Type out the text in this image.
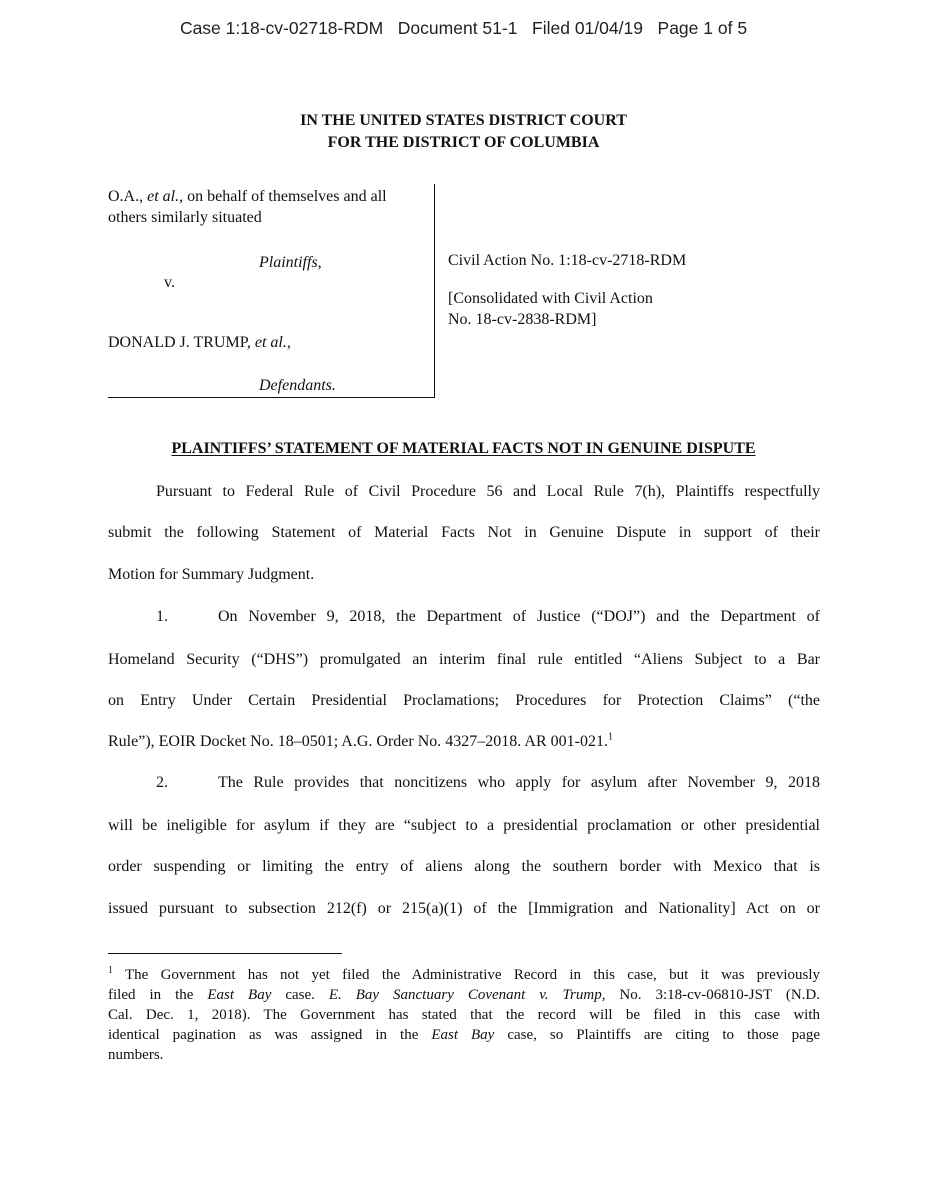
Case 1:18-cv-02718-RDM   Document 51-1   Filed 01/04/19   Page 1 of 5
IN THE UNITED STATES DISTRICT COURT
FOR THE DISTRICT OF COLUMBIA
O.A., et al., on behalf of themselves and all
others similarly situated
Plaintiffs,
v.
DONALD J. TRUMP, et al.,
Defendants.
Civil Action No. 1:18-cv-2718-RDM
[Consolidated with Civil Action
No. 18-cv-2838-RDM]
PLAINTIFFS’ STATEMENT OF MATERIAL FACTS NOT IN GENUINE DISPUTE
Pursuant to Federal Rule of Civil Procedure 56 and Local Rule 7(h), Plaintiffs respectfully
submit the following Statement of Material Facts Not in Genuine Dispute in support of their
Motion for Summary Judgment.
1.	On November 9, 2018, the Department of Justice (“DOJ”) and the Department of
Homeland Security (“DHS”) promulgated an interim final rule entitled “Aliens Subject to a Bar
on Entry Under Certain Presidential Proclamations; Procedures for Protection Claims” (“the
Rule”), EOIR Docket No. 18–0501; A.G. Order No. 4327–2018. AR 001-021.$^1$
2.	The Rule provides that noncitizens who apply for asylum after November 9, 2018
will be ineligible for asylum if they are “subject to a presidential proclamation or other presidential
order suspending or limiting the entry of aliens along the southern border with Mexico that is
issued pursuant to subsection 212(f) or 215(a)(1) of the [Immigration and Nationality] Act on or
$^1$ The Government has not yet filed the Administrative Record in this case, but it was previously
filed in the East Bay case. E. Bay Sanctuary Covenant v. Trump, No. 3:18-cv-06810-JST (N.D.
Cal. Dec. 1, 2018). The Government has stated that the record will be filed in this case with
identical pagination as was assigned in the East Bay case, so Plaintiffs are citing to those page
numbers.
